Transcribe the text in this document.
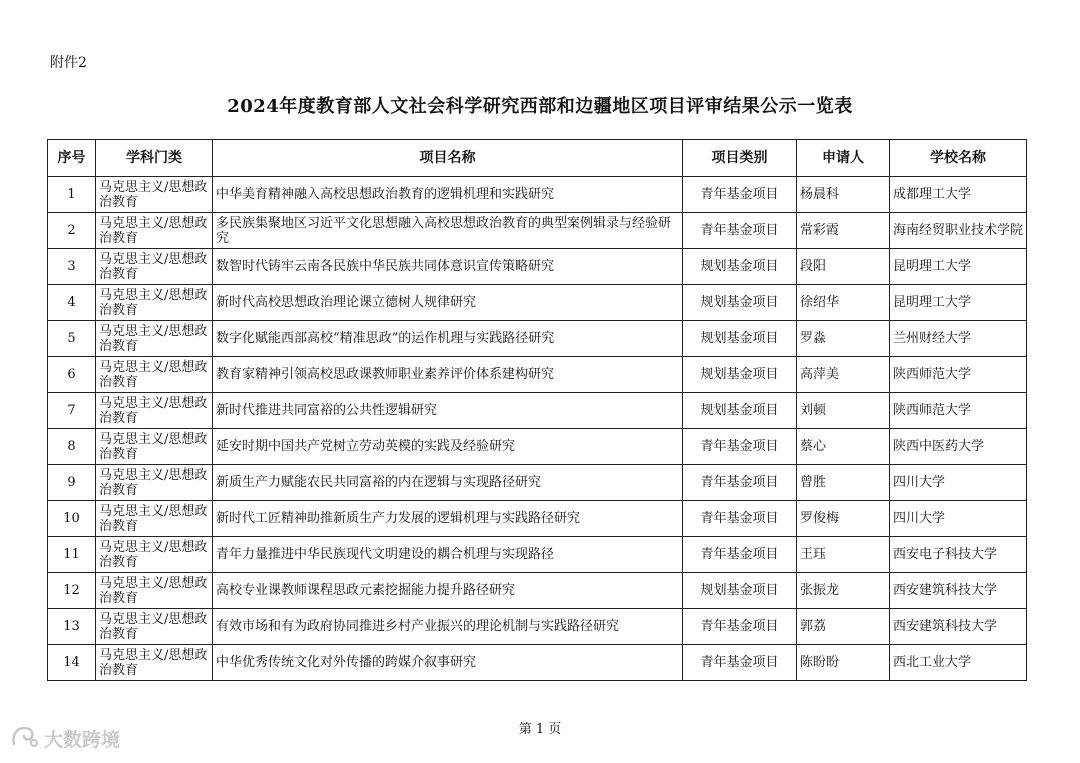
附件2
2024年度教育部人文社会科学研究西部和边疆地区项目评审结果公示一览表
序号	学科门类	项目名称	项目类别	申请人	学校名称
1	马克思主义/思想政治教育	中华美育精神融入高校思想政治教育的逻辑机理和实践研究	青年基金项目	杨晨科	成都理工大学
2	马克思主义/思想政治教育	多民族集聚地区习近平文化思想融入高校思想政治教育的典型案例辑录与经验研究	青年基金项目	常彩霞	海南经贸职业技术学院
3	马克思主义/思想政治教育	数智时代铸牢云南各民族中华民族共同体意识宣传策略研究	规划基金项目	段阳	昆明理工大学
4	马克思主义/思想政治教育	新时代高校思想政治理论课立德树人规律研究	规划基金项目	徐绍华	昆明理工大学
5	马克思主义/思想政治教育	数字化赋能西部高校“精准思政”的运作机理与实践路径研究	规划基金项目	罗淼	兰州财经大学
6	马克思主义/思想政治教育	教育家精神引领高校思政课教师职业素养评价体系建构研究	规划基金项目	高萍美	陕西师范大学
7	马克思主义/思想政治教育	新时代推进共同富裕的公共性逻辑研究	规划基金项目	刘顿	陕西师范大学
8	马克思主义/思想政治教育	延安时期中国共产党树立劳动英模的实践及经验研究	青年基金项目	蔡心	陕西中医药大学
9	马克思主义/思想政治教育	新质生产力赋能农民共同富裕的内在逻辑与实现路径研究	青年基金项目	曾胜	四川大学
10	马克思主义/思想政治教育	新时代工匠精神助推新质生产力发展的逻辑机理与实践路径研究	青年基金项目	罗俊梅	四川大学
11	马克思主义/思想政治教育	青年力量推进中华民族现代文明建设的耦合机理与实现路径	青年基金项目	王珏	西安电子科技大学
12	马克思主义/思想政治教育	高校专业课教师课程思政元素挖掘能力提升路径研究	规划基金项目	张振龙	西安建筑科技大学
13	马克思主义/思想政治教育	有效市场和有为政府协同推进乡村产业振兴的理论机制与实践路径研究	青年基金项目	郭荔	西安建筑科技大学
14	马克思主义/思想政治教育	中华优秀传统文化对外传播的跨媒介叙事研究	青年基金项目	陈盼盼	西北工业大学
第 1 页
大数跨境
